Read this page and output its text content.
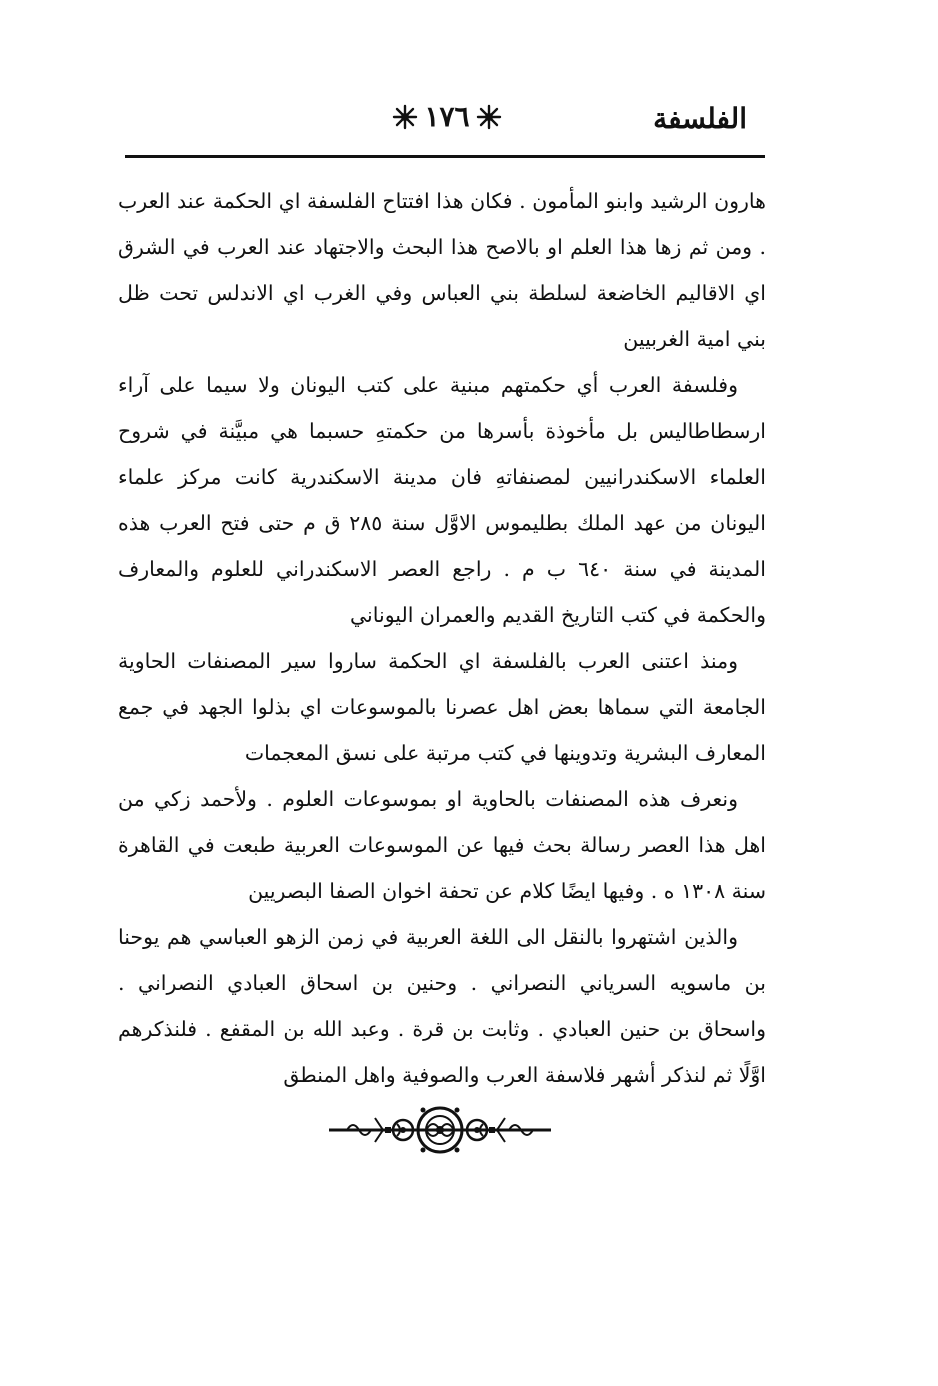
الفلسفة
١٧٦

هارون الرشيد وابنو المأمون . فكان هذا افتتاح الفلسفة اي الحكمة عند العرب . ومن ثم زها هذا العلم او بالاصح هذا البحث والاجتهاد عند العرب في الشرق اي الاقاليم الخاضعة لسلطة بني العباس وفي الغرب اي الاندلس تحت ظل بني امية الغربيين

وفلسفة العرب أي حكمتهم مبنية على كتب اليونان ولا سيما على آراء ارسطاطاليس بل مأخوذة بأسرها من حكمتهِ حسبما هي مبيَّنة في شروح العلماء الاسكندرانيين لمصنفاتهِ فان مدينة الاسكندرية كانت مركز علماء اليونان من عهد الملك بطليموس الاوَّل سنة ٢٨٥ ق م حتى فتح العرب هذه المدينة في سنة ٦٤٠ ب م . راجع العصر الاسكندراني للعلوم والمعارف والحكمة في كتب التاريخ القديم والعمران اليوناني

ومنذ اعتنى العرب بالفلسفة اي الحكمة ساروا سير المصنفات الحاوية الجامعة التي سماها بعض اهل عصرنا بالموسوعات اي بذلوا الجهد في جمع المعارف البشرية وتدوينها في كتب مرتبة على نسق المعجمات

ونعرف هذه المصنفات بالحاوية او بموسوعات العلوم . ولأحمد زكي من اهل هذا العصر رسالة بحث فيها عن الموسوعات العربية طبعت في القاهرة سنة ١٣٠٨ ه . وفيها ايضًا كلام عن تحفة اخوان الصفا البصريين

والذين اشتهروا بالنقل الى اللغة العربية في زمن الزهو العباسي هم يوحنا بن ماسويه السرياني النصراني . وحنين بن اسحاق العبادي النصراني . واسحاق بن حنين العبادي . وثابت بن قرة . وعبد الله بن المقفع . فلنذكرهم اوَّلًا ثم لنذكر أشهر فلاسفة العرب والصوفية واهل المنطق
